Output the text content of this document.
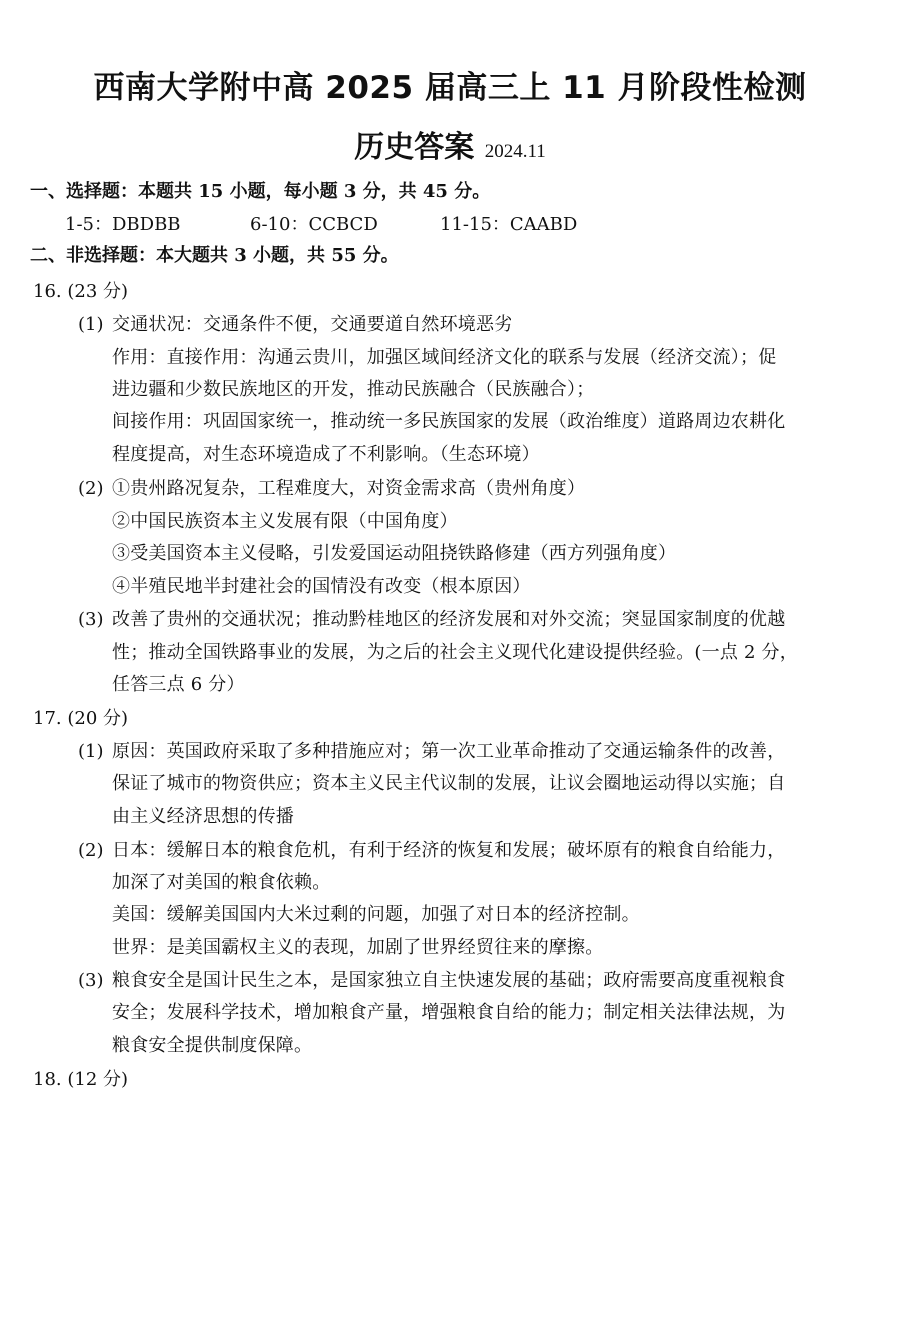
西南大学附中高 2025 届高三上 11 月阶段性检测
历史答案 2024.11
一、选择题：本题共 15 小题，每小题 3 分，共 45 分。
1-5：DBDBB	6-10：CCBCD	11-15：CAABD
二、非选择题：本大题共 3 小题，共 55 分。
16. (23 分)
(1) 交通状况：交通条件不便，交通要道自然环境恶劣
作用：直接作用：沟通云贵川，加强区域间经济文化的联系与发展（经济交流）；促
进边疆和少数民族地区的开发，推动民族融合（民族融合）；
间接作用：巩固国家统一，推动统一多民族国家的发展（政治维度）道路周边农耕化
程度提高，对生态环境造成了不利影响。（生态环境）
(2) ①贵州路况复杂，工程难度大，对资金需求高（贵州角度）
②中国民族资本主义发展有限（中国角度）
③受美国资本主义侵略，引发爱国运动阻挠铁路修建（西方列强角度）
④半殖民地半封建社会的国情没有改变（根本原因）
(3) 改善了贵州的交通状况；推动黔桂地区的经济发展和对外交流；突显国家制度的优越
性；推动全国铁路事业的发展，为之后的社会主义现代化建设提供经验。(一点 2 分，
任答三点 6 分）
17. (20 分)
(1) 原因：英国政府采取了多种措施应对；第一次工业革命推动了交通运输条件的改善，
保证了城市的物资供应；资本主义民主代议制的发展，让议会圈地运动得以实施；自
由主义经济思想的传播
(2) 日本：缓解日本的粮食危机，有利于经济的恢复和发展；破坏原有的粮食自给能力，
加深了对美国的粮食依赖。
美国：缓解美国国内大米过剩的问题，加强了对日本的经济控制。
世界：是美国霸权主义的表现，加剧了世界经贸往来的摩擦。
(3) 粮食安全是国计民生之本，是国家独立自主快速发展的基础；政府需要高度重视粮食
安全；发展科学技术，增加粮食产量，增强粮食自给的能力；制定相关法律法规，为
粮食安全提供制度保障。
18. (12 分)
